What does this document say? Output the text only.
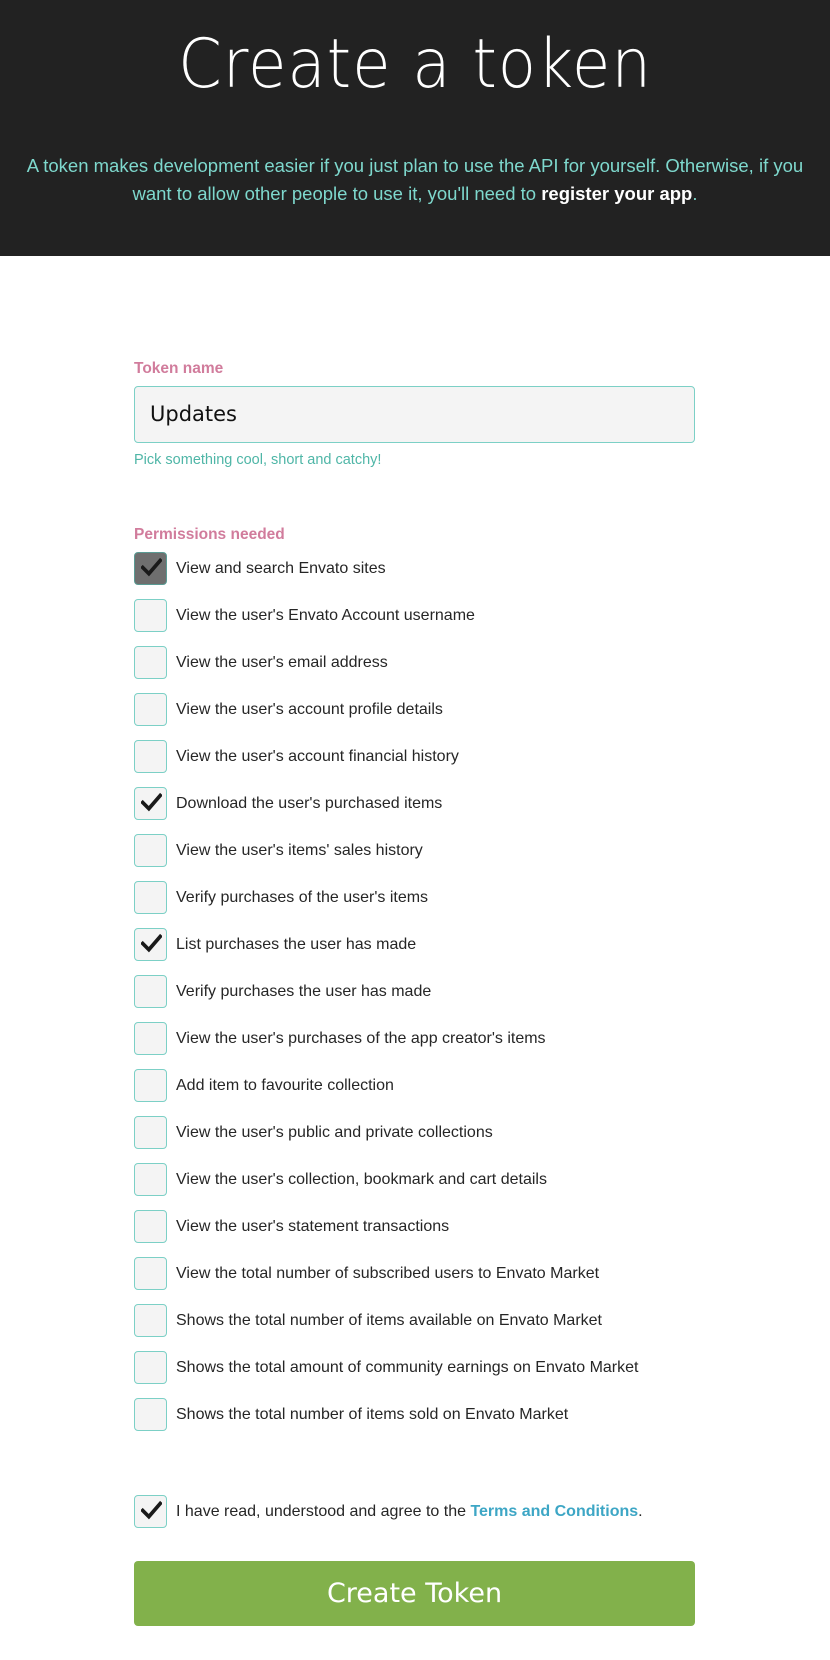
Create a token

A token makes development easier if you just plan to use the API for yourself. Otherwise, if you want to allow other people to use it, you'll need to register your app.

Token name
Updates
Pick something cool, short and catchy!
Permissions needed
View and search Envato sites
View the user's Envato Account username
View the user's email address
View the user's account profile details
View the user's account financial history
Download the user's purchased items
View the user's items' sales history
Verify purchases of the user's items
List purchases the user has made
Verify purchases the user has made
View the user's purchases of the app creator's items
Add item to favourite collection
View the user's public and private collections
View the user's collection, bookmark and cart details
View the user's statement transactions
View the total number of subscribed users to Envato Market
Shows the total number of items available on Envato Market
Shows the total amount of community earnings on Envato Market
Shows the total number of items sold on Envato Market
I have read, understood and agree to the Terms and Conditions.
Create Token
